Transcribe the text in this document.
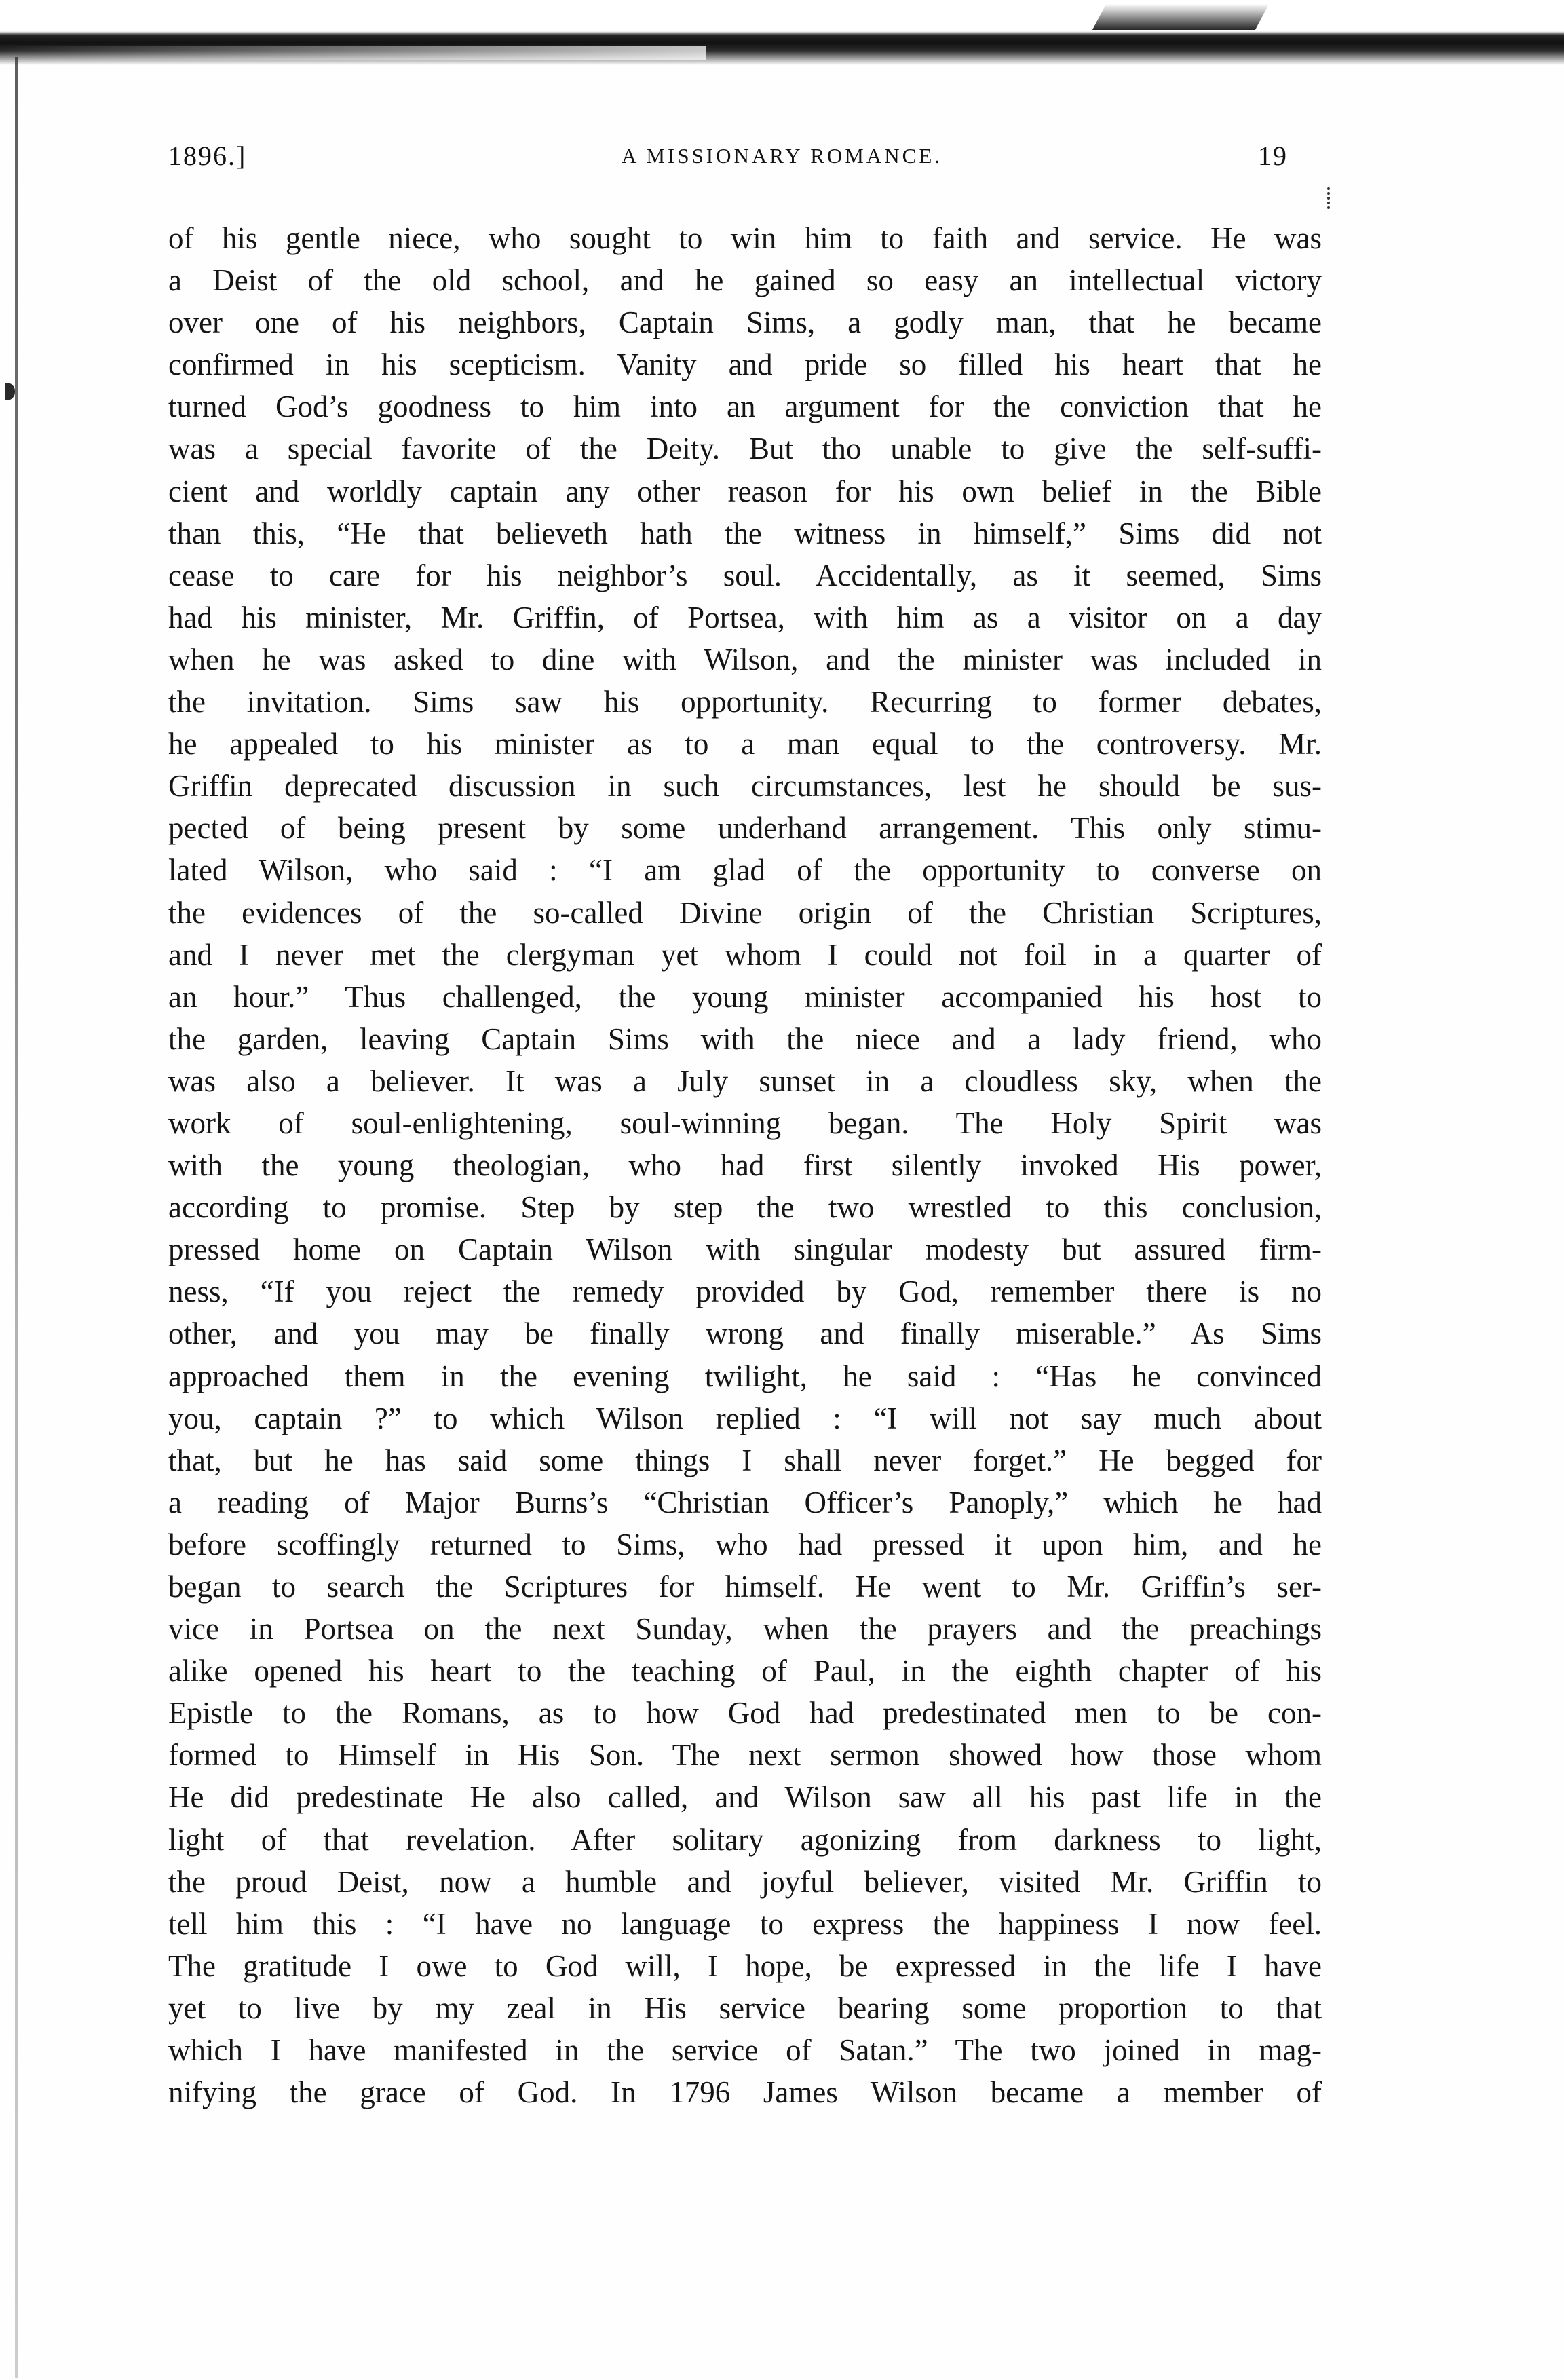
1896.]	A MISSIONARY ROMANCE.	19
of his gentle niece, who sought to win him to faith and service. He was
a Deist of the old school, and he gained so easy an intellectual victory
over one of his neighbors, Captain Sims, a godly man, that he became
confirmed in his scepticism. Vanity and pride so filled his heart that he
turned God’s goodness to him into an argument for the conviction that he
was a special favorite of the Deity. But tho unable to give the self-suffi-
cient and worldly captain any other reason for his own belief in the Bible
than this, “He that believeth hath the witness in himself,” Sims did not
cease to care for his neighbor’s soul. Accidentally, as it seemed, Sims
had his minister, Mr. Griffin, of Portsea, with him as a visitor on a day
when he was asked to dine with Wilson, and the minister was included in
the invitation. Sims saw his opportunity. Recurring to former debates,
he appealed to his minister as to a man equal to the controversy. Mr.
Griffin deprecated discussion in such circumstances, lest he should be sus-
pected of being present by some underhand arrangement. This only stimu-
lated Wilson, who said : “I am glad of the opportunity to converse on
the evidences of the so-called Divine origin of the Christian Scriptures,
and I never met the clergyman yet whom I could not foil in a quarter of
an hour.” Thus challenged, the young minister accompanied his host to
the garden, leaving Captain Sims with the niece and a lady friend, who
was also a believer. It was a July sunset in a cloudless sky, when the
work of soul-enlightening, soul-winning began. The Holy Spirit was
with the young theologian, who had first silently invoked His power,
according to promise. Step by step the two wrestled to this conclusion,
pressed home on Captain Wilson with singular modesty but assured firm-
ness, “If you reject the remedy provided by God, remember there is no
other, and you may be finally wrong and finally miserable.” As Sims
approached them in the evening twilight, he said : “Has he convinced
you, captain ?” to which Wilson replied : “I will not say much about
that, but he has said some things I shall never forget.” He begged for
a reading of Major Burns’s “Christian Officer’s Panoply,” which he had
before scoffingly returned to Sims, who had pressed it upon him, and he
began to search the Scriptures for himself. He went to Mr. Griffin’s ser-
vice in Portsea on the next Sunday, when the prayers and the preachings
alike opened his heart to the teaching of Paul, in the eighth chapter of his
Epistle to the Romans, as to how God had predestinated men to be con-
formed to Himself in His Son. The next sermon showed how those whom
He did predestinate He also called, and Wilson saw all his past life in the
light of that revelation. After solitary agonizing from darkness to light,
the proud Deist, now a humble and joyful believer, visited Mr. Griffin to
tell him this : “I have no language to express the happiness I now feel.
The gratitude I owe to God will, I hope, be expressed in the life I have
yet to live by my zeal in His service bearing some proportion to that
which I have manifested in the service of Satan.” The two joined in mag-
nifying the grace of God. In 1796 James Wilson became a member of
